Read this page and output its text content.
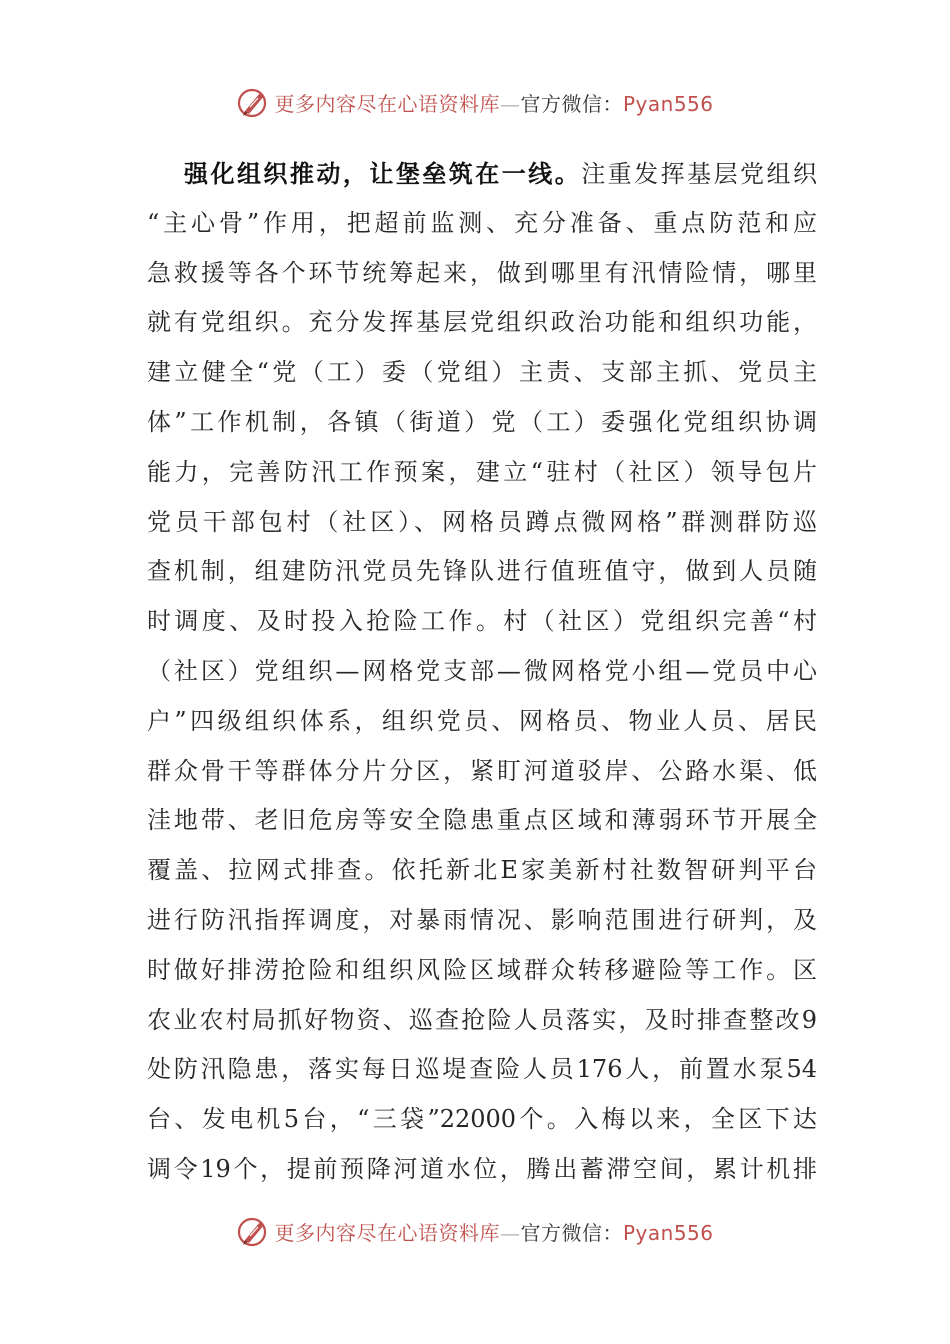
更多内容尽在心语资料库—官方微信：Pyan556
强化组织推动，让堡垒筑在一线。注重发挥基层党组织
“主心骨”作用，把超前监测、充分准备、重点防范和应
急救援等各个环节统筹起来，做到哪里有汛情险情，哪里
就有党组织。充分发挥基层党组织政治功能和组织功能，
建立健全“党（工）委（党组）主责、支部主抓、党员主
体”工作机制，各镇（街道）党（工）委强化党组织协调
能力，完善防汛工作预案，建立“驻村（社区）领导包片
党员干部包村（社区）、网格员蹲点微网格”群测群防巡
查机制，组建防汛党员先锋队进行值班值守，做到人员随
时调度、及时投入抢险工作。村（社区）党组织完善“村
（社区）党组织—网格党支部—微网格党小组—党员中心
户”四级组织体系，组织党员、网格员、物业人员、居民
群众骨干等群体分片分区，紧盯河道驳岸、公路水渠、低
洼地带、老旧危房等安全隐患重点区域和薄弱环节开展全
覆盖、拉网式排查。依托新北E家美新村社数智研判平台
进行防汛指挥调度，对暴雨情况、影响范围进行研判，及
时做好排涝抢险和组织风险区域群众转移避险等工作。区
农业农村局抓好物资、巡查抢险人员落实，及时排查整改9
处防汛隐患，落实每日巡堤查险人员176人，前置水泵54
台、发电机5台，“三袋”22000个。入梅以来，全区下达
调令19个，提前预降河道水位，腾出蓄滞空间，累计机排
更多内容尽在心语资料库—官方微信：Pyan556
